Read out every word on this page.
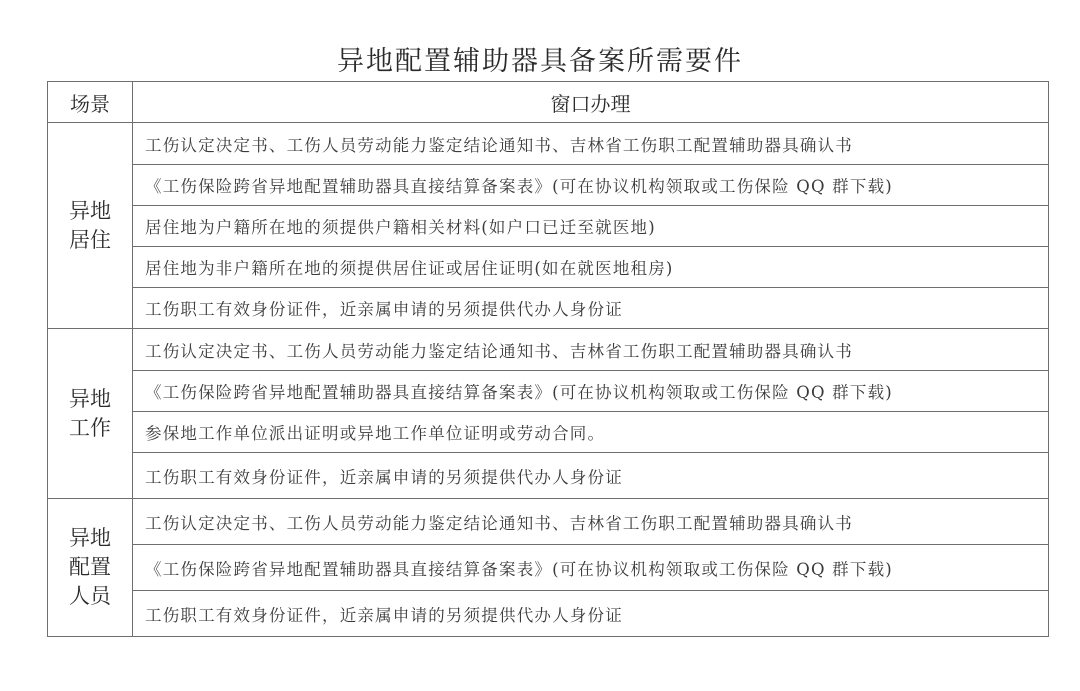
异地配置辅助器具备案所需要件
场景	窗口办理

异地
居住	工伤认定决定书、工伤人员劳动能力鉴定结论通知书、吉林省工伤职工配置辅助器具确认书
	《工伤保险跨省异地配置辅助器具直接结算备案表》(可在协议机构领取或工伤保险 QQ 群下载)
	居住地为户籍所在地的须提供户籍相关材料(如户口已迁至就医地)
	居住地为非户籍所在地的须提供居住证或居住证明(如在就医地租房)
	工伤职工有效身份证件，近亲属申请的另须提供代办人身份证

异地
工作	工伤认定决定书、工伤人员劳动能力鉴定结论通知书、吉林省工伤职工配置辅助器具确认书
	《工伤保险跨省异地配置辅助器具直接结算备案表》(可在协议机构领取或工伤保险 QQ 群下载)
	参保地工作单位派出证明或异地工作单位证明或劳动合同。
	工伤职工有效身份证件，近亲属申请的另须提供代办人身份证

异地
配置
人员	工伤认定决定书、工伤人员劳动能力鉴定结论通知书、吉林省工伤职工配置辅助器具确认书
	《工伤保险跨省异地配置辅助器具直接结算备案表》(可在协议机构领取或工伤保险 QQ 群下载)
	工伤职工有效身份证件，近亲属申请的另须提供代办人身份证
